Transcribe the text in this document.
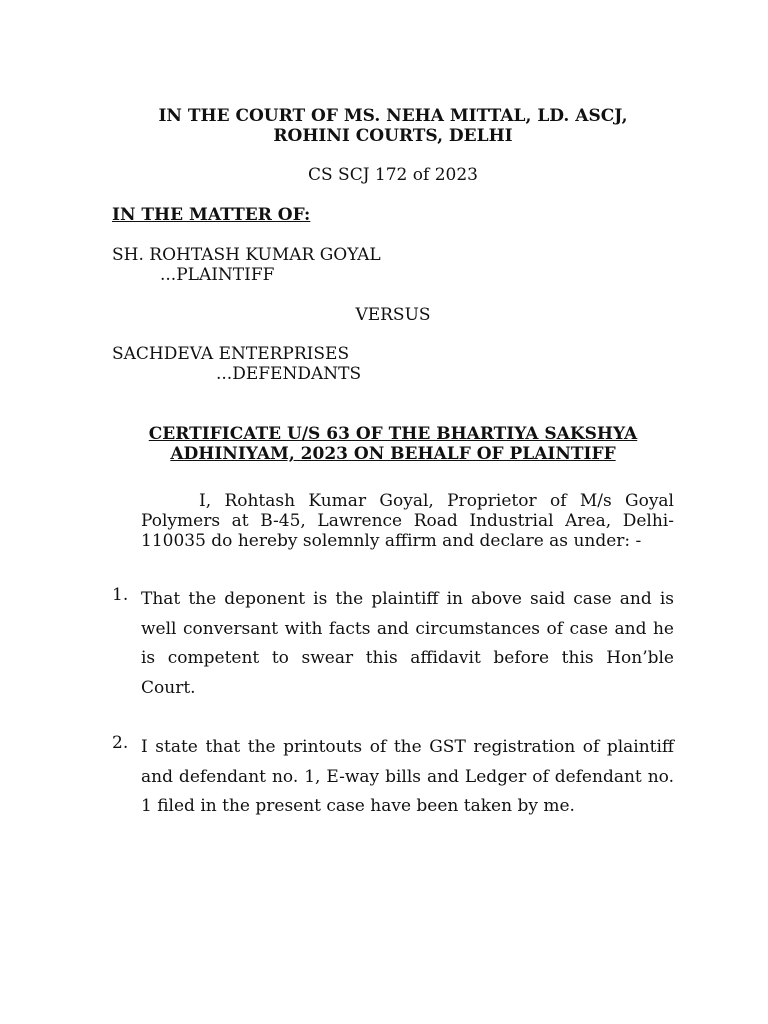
IN THE COURT OF MS. NEHA MITTAL, LD. ASCJ,
ROHINI COURTS, DELHI
CS SCJ 172 of 2023
IN THE MATTER OF:
SH. ROHTASH KUMAR GOYAL
...PLAINTIFF
VERSUS
SACHDEVA ENTERPRISES
...DEFENDANTS
CERTIFICATE U/S 63 OF THE BHARTIYA SAKSHYA
ADHINIYAM, 2023 ON BEHALF OF PLAINTIFF
I, Rohtash Kumar Goyal, Proprietor of M/s Goyal Polymers at B-45, Lawrence Road Industrial Area, Delhi-110035 do hereby solemnly affirm and declare as under: -
1. That the deponent is the plaintiff in above said case and is well conversant with facts and circumstances of case and he is competent to swear this affidavit before this Hon’ble Court.
2. I state that the printouts of the GST registration of plaintiff and defendant no. 1, E-way bills and Ledger of defendant no. 1 filed in the present case have been taken by me.
